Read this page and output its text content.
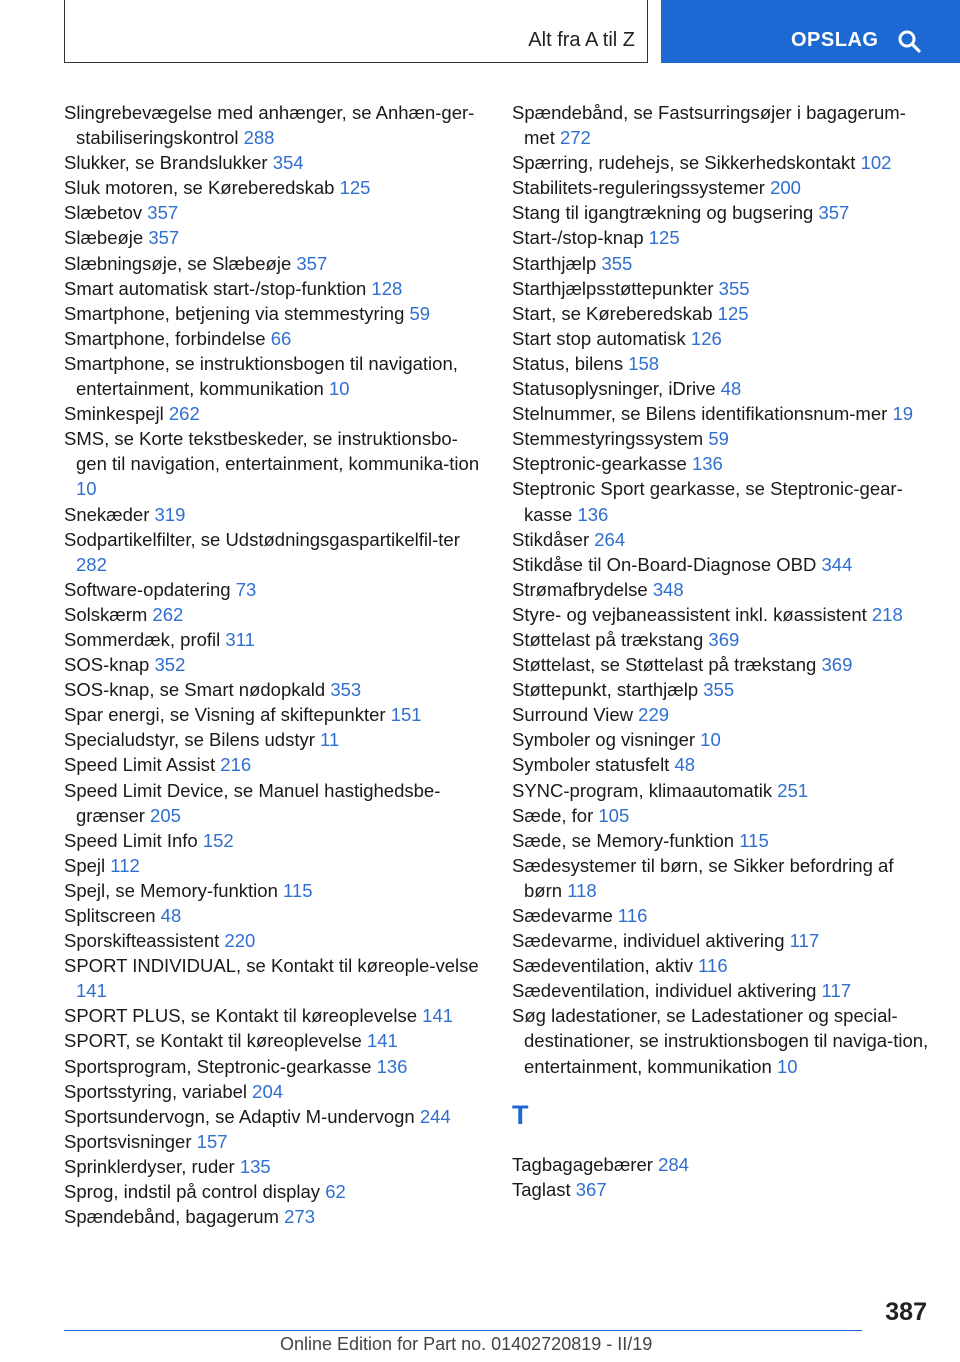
Alt fra A til Z	OPSLAG

Slingrebevægelse med anhænger, se Anhæn‐ger-stabiliseringskontrol 288

Slukker, se Brandslukker 354

Sluk motoren, se Køreberedskab 125

Slæbetov 357

Slæbeøje 357

Slæbningsøje, se Slæbeøje 357

Smart automatisk start-/stop-funktion 128

Smartphone, betjening via stemmestyring 59

Smartphone, forbindelse 66

Smartphone, se instruktionsbogen til navigation, entertainment, kommunikation 10

Sminkespejl 262

SMS, se Korte tekstbeskeder, se instruktionsbo‐gen til navigation, entertainment, kommunika‐tion 10

Snekæder 319

Sodpartikelfilter, se Udstødningsgaspartikelfil‐ter 282

Software-opdatering 73

Solskærm 262

Sommerdæk, profil 311

SOS-knap 352

SOS-knap, se Smart nødopkald 353

Spar energi, se Visning af skiftepunkter 151

Specialudstyr, se Bilens udstyr 11

Speed Limit Assist 216

Speed Limit Device, se Manuel hastighedsbe‐grænser 205

Speed Limit Info 152

Spejl 112

Spejl, se Memory-funktion 115

Splitscreen 48

Sporskifteassistent 220

SPORT INDIVIDUAL, se Kontakt til køreople‐velse 141

SPORT PLUS, se Kontakt til køreoplevelse 141

SPORT, se Kontakt til køreoplevelse 141

Sportsprogram, Steptronic-gearkasse 136

Sportsstyring, variabel 204

Sportsundervogn, se Adaptiv M-undervogn 244

Sportsvisninger 157

Sprinklerdyser, ruder 135

Sprog, indstil på control display 62

Spændebånd, bagagerum 273

Spændebånd, se Fastsurringsøjer i bagagerum‐met 272

Spærring, rudehejs, se Sikkerhedskontakt 102

Stabilitets-reguleringssystemer 200

Stang til igangtrækning og bugsering 357

Start-/stop-knap 125

Starthjælp 355

Starthjælpsstøttepunkter 355

Start, se Køreberedskab 125

Start stop automatisk 126

Status, bilens 158

Statusoplysninger, iDrive 48

Stelnummer, se Bilens identifikationsnum‐mer 19

Stemmestyringssystem 59

Steptronic-gearkasse 136

Steptronic Sport gearkasse, se Steptronic-gear‐kasse 136

Stikdåser 264

Stikdåse til On-Board-Diagnose OBD 344

Strømafbrydelse 348

Styre- og vejbaneassistent inkl. køassistent 218

Støttelast på trækstang 369

Støttelast, se Støttelast på trækstang 369

Støttepunkt, starthjælp 355

Surround View 229

Symboler og visninger 10

Symboler statusfelt 48

SYNC-program, klimaautomatik 251

Sæde, for 105

Sæde, se Memory-funktion 115

Sædesystemer til børn, se Sikker befordring af børn 118

Sædevarme 116

Sædevarme, individuel aktivering 117

Sædeventilation, aktiv 116

Sædeventilation, individuel aktivering 117

Søg ladestationer, se Ladestationer og special‐destinationer, se instruktionsbogen til naviga‐tion, entertainment, kommunikation 10

T

Tagbagagebærer 284

Taglast 367

387
Online Edition for Part no. 01402720819 - II/19
